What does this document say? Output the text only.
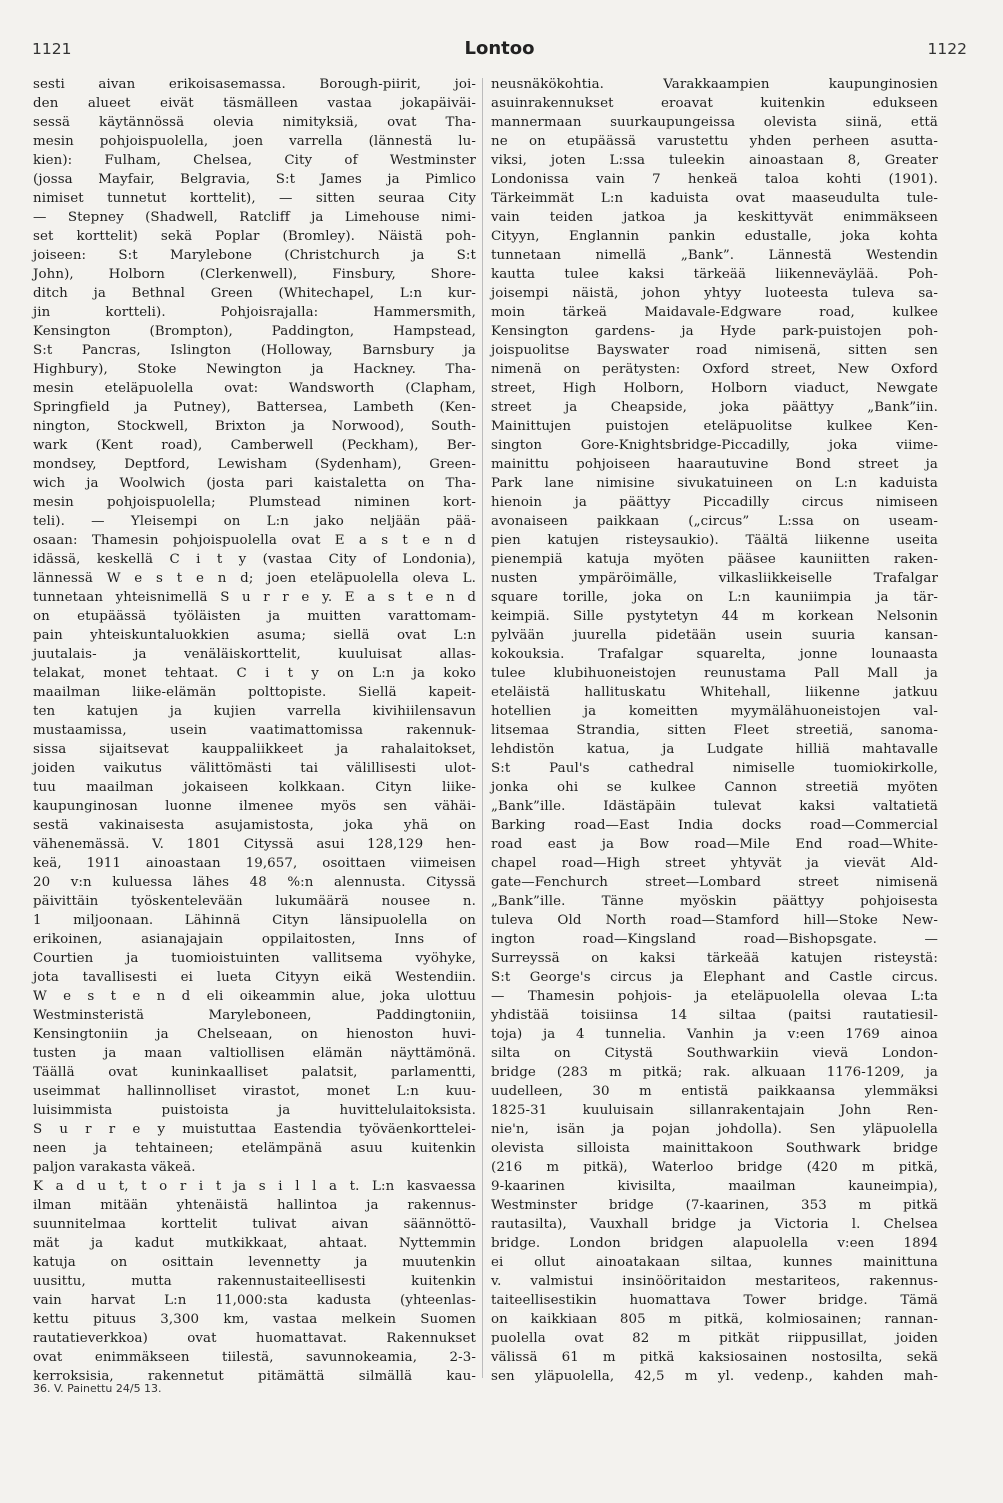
1121	Lontoo	1122

sesti aivan erikoisasemassa. Borough-piirit, joi-

den alueet eivät täsmälleen vastaa jokapäiväi-

sessä käytännössä olevia nimityksiä, ovat Tha-

mesin pohjoispuolella, joen varrella (lännestä lu-

kien): Fulham, Chelsea, City of Westminster

(jossa Mayfair, Belgravia, S:t James ja Pimlico

nimiset tunnetut korttelit), — sitten seuraa City

— Stepney (Shadwell, Ratcliff ja Limehouse nimi-

set korttelit) sekä Poplar (Bromley). Näistä poh-

joiseen: S:t Marylebone (Christchurch ja S:t

John), Holborn (Clerkenwell), Finsbury, Shore-

ditch ja Bethnal Green (Whitechapel, L:n kur-

jin kortteli). Pohjoisrajalla: Hammersmith,

Kensington (Brompton), Paddington, Hampstead,

S:t Pancras, Islington (Holloway, Barnsbury ja

Highbury), Stoke Newington ja Hackney. Tha-

mesin eteläpuolella ovat: Wandsworth (Clapham,

Springfield ja Putney), Battersea, Lambeth (Ken-

nington, Stockwell, Brixton ja Norwood), South-

wark (Kent road), Camberwell (Peckham), Ber-

mondsey, Deptford, Lewisham (Sydenham), Green-

wich ja Woolwich (josta pari kaistaletta on Tha-

mesin pohjoispuolella; Plumstead niminen kort-

teli). — Yleisempi on L:n jako neljään pää-

osaan: Thamesin pohjoispuolella ovat E a s t e n d

idässä, keskellä C i t y (vastaa City of Londonia),

lännessä W e s t e n d; joen eteläpuolella oleva L.

tunnetaan yhteisnimellä S u r r e y. E a s t e n d

on etupäässä työläisten ja muitten varattomam-

pain yhteiskuntaluokkien asuma; siellä ovat L:n

juutalais- ja venäläiskorttelit, kuuluisat allas-

telakat, monet tehtaat. C i t y on L:n ja koko

maailman liike-elämän polttopiste. Siellä kapeit-

ten katujen ja kujien varrella kivihiilensavun

mustaamissa, usein vaatimattomissa rakennuk-

sissa sijaitsevat kauppaliikkeet ja rahalaitokset,

joiden vaikutus välittömästi tai välillisesti ulot-

tuu maailman jokaiseen kolkkaan. Cityn liike-

kaupunginosan luonne ilmenee myös sen vähäi-

sestä vakinaisesta asujamistosta, joka yhä on

vähenemässä. V. 1801 Cityssä asui 128,129 hen-

keä, 1911 ainoastaan 19,657, osoittaen viimeisen

20 v:n kuluessa lähes 48 %:n alennusta. Cityssä

päivittäin työskentelevään lukumäärä nousee n.

1 miljoonaan. Lähinnä Cityn länsipuolella on

erikoinen, asianajajain oppilaitosten, Inns of

Courtien ja tuomioistuinten vallitsema vyöhyke,

jota tavallisesti ei lueta Cityyn eikä Westendiin.

W e s t e n d eli oikeammin alue, joka ulottuu

Westminsteristä Maryleboneen, Paddingtoniin,

Kensingtoniin ja Chelseaan, on hienoston huvi-

tusten ja maan valtiollisen elämän näyttämönä.

Täällä ovat kuninkaalliset palatsit, parlamentti,

useimmat hallinnolliset virastot, monet L:n kuu-

luisimmista puistoista ja huvittelulaitoksista.

S u r r e y muistuttaa Eastendia työväenkorttelei-

neen ja tehtaineen; etelämpänä asuu kuitenkin

paljon varakasta väkeä.

K a d u t, t o r i t ja s i l l a t. L:n kasvaessa

ilman mitään yhtenäistä hallintoa ja rakennus-

suunnitelmaa korttelit tulivat aivan säännöttö-

mät ja kadut mutkikkaat, ahtaat. Nyttemmin

katuja on osittain levennetty ja muutenkin

uusittu, mutta rakennustaiteellisesti kuitenkin

vain harvat L:n 11,000:sta kadusta (yhteenlas-

kettu pituus 3,300 km, vastaa melkein Suomen

rautatieverkkoa) ovat huomattavat. Rakennukset

ovat enimmäkseen tiilestä, savunnokeamia, 2-3-

kerroksisia, rakennetut pitämättä silmällä kau-

neusnäkökohtia. Varakkaampien kaupunginosien

asuinrakennukset eroavat kuitenkin edukseen

mannermaan suurkaupungeissa olevista siinä, että

ne on etupäässä varustettu yhden perheen asutta-

viksi, joten L:ssa tuleekin ainoastaan 8, Greater

Londonissa vain 7 henkeä taloa kohti (1901).

Tärkeimmät L:n kaduista ovat maaseudulta tule-

vain teiden jatkoa ja keskittyvät enimmäkseen

Cityyn, Englannin pankin edustalle, joka kohta

tunnetaan nimellä „Bank”. Lännestä Westendin

kautta tulee kaksi tärkeää liikenneväylää. Poh-

joisempi näistä, johon yhtyy luoteesta tuleva sa-

moin tärkeä Maidavale-Edgware road, kulkee

Kensington gardens- ja Hyde park-puistojen poh-

joispuolitse Bayswater road nimisenä, sitten sen

nimenä on perätysten: Oxford street, New Oxford

street, High Holborn, Holborn viaduct, Newgate

street ja Cheapside, joka päättyy „Bank”iin.

Mainittujen puistojen eteläpuolitse kulkee Ken-

sington Gore-Knightsbridge-Piccadilly, joka viime-

mainittu pohjoiseen haarautuvine Bond street ja

Park lane nimisine sivukatuineen on L:n kaduista

hienoin ja päättyy Piccadilly circus nimiseen

avonaiseen paikkaan („circus” L:ssa on useam-

pien katujen risteysaukio). Täältä liikenne useita

pienempiä katuja myöten pääsee kauniitten raken-

nusten ympäröimälle, vilkasliikkeiselle Trafalgar

square torille, joka on L:n kauniimpia ja tär-

keimpiä. Sille pystytetyn 44 m korkean Nelsonin

pylvään juurella pidetään usein suuria kansan-

kokouksia. Trafalgar squarelta, jonne lounaasta

tulee klubihuoneistojen reunustama Pall Mall ja

eteläistä hallituskatu Whitehall, liikenne jatkuu

hotellien ja komeitten myymälähuoneistojen val-

litsemaa Strandia, sitten Fleet streetiä, sanoma-

lehdistön katua, ja Ludgate hilliä mahtavalle

S:t Paul's cathedral nimiselle tuomiokirkolle,

jonka ohi se kulkee Cannon streetiä myöten

„Bank”ille. Idästäpäin tulevat kaksi valtatietä

Barking road—East India docks road—Commercial

road east ja Bow road—Mile End road—White-

chapel road—High street yhtyvät ja vievät Ald-

gate—Fenchurch street—Lombard street nimisenä

„Bank”ille. Tänne myöskin päättyy pohjoisesta

tuleva Old North road—Stamford hill—Stoke New-

ington road—Kingsland road—Bishopsgate. —

Surreyssä on kaksi tärkeää katujen risteystä:

S:t George's circus ja Elephant and Castle circus.

— Thamesin pohjois- ja eteläpuolella olevaa L:ta

yhdistää toisiinsa 14 siltaa (paitsi rautatiesil-

toja) ja 4 tunnelia. Vanhin ja v:een 1769 ainoa

silta on Citystä Southwarkiin vievä London-

bridge (283 m pitkä; rak. alkuaan 1176-1209, ja

uudelleen, 30 m entistä paikkaansa ylemmäksi

1825-31 kuuluisain sillanrakentajain John Ren-

nie'n, isän ja pojan johdolla). Sen yläpuolella

olevista silloista mainittakoon Southwark bridge

(216 m pitkä), Waterloo bridge (420 m pitkä,

9-kaarinen kivisilta, maailman kauneimpia),

Westminster bridge (7-kaarinen, 353 m pitkä

rautasilta), Vauxhall bridge ja Victoria l. Chelsea

bridge. London bridgen alapuolella v:een 1894

ei ollut ainoatakaan siltaa, kunnes mainittuna

v. valmistui insinööritaidon mestariteos, rakennus-

taiteellisestikin huomattava Tower bridge. Tämä

on kaikkiaan 805 m pitkä, kolmiosainen; rannan-

puolella ovat 82 m pitkät riippusillat, joiden

välissä 61 m pitkä kaksiosainen nostosilta, sekä

sen yläpuolella, 42,5 m yl. vedenp., kahden mah-

36. V. Painettu 24/5 13.
